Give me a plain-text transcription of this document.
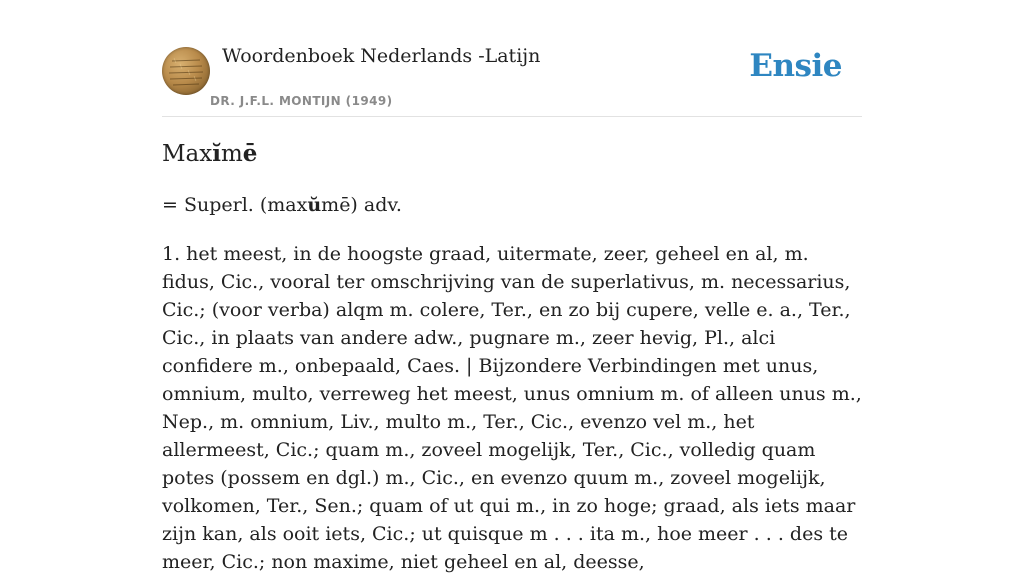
Woordenboek Nederlands -Latijn
DR. J.F.L. MONTIJN (1949)
Ensie
Maxĭmē

= Superl. (maxŭmē) adv.

1. het meest, in de hoogste graad, uitermate, zeer, geheel en al, m. fidus, Cic., vooral ter omschrijving van de superlativus, m. necessarius, Cic.; (voor verba) alqm m. colere, Ter., en zo bij cupere, velle e. a., Ter., Cic., in plaats van andere adw., pugnare m., zeer hevig, Pl., alci confidere m., onbepaald, Caes. | Bijzondere Verbindingen met unus, omnium, multo, verreweg het meest, unus omnium m. of alleen unus m., Nep., m. omnium, Liv., multo m., Ter., Cic., evenzo vel m., het allermeest, Cic.; quam m., zoveel mogelijk, Ter., Cic., volledig quam potes (possem en dgl.) m., Cic., en evenzo quum m., zoveel mogelijk, volkomen, Ter., Sen.; quam of ut qui m., in zo hoge; graad, als iets maar zijn kan, als ooit iets, Cic.; ut quisque m . . . ita m., hoe meer . . . des te meer, Cic.; non maxime, niet geheel en al, deesse,
